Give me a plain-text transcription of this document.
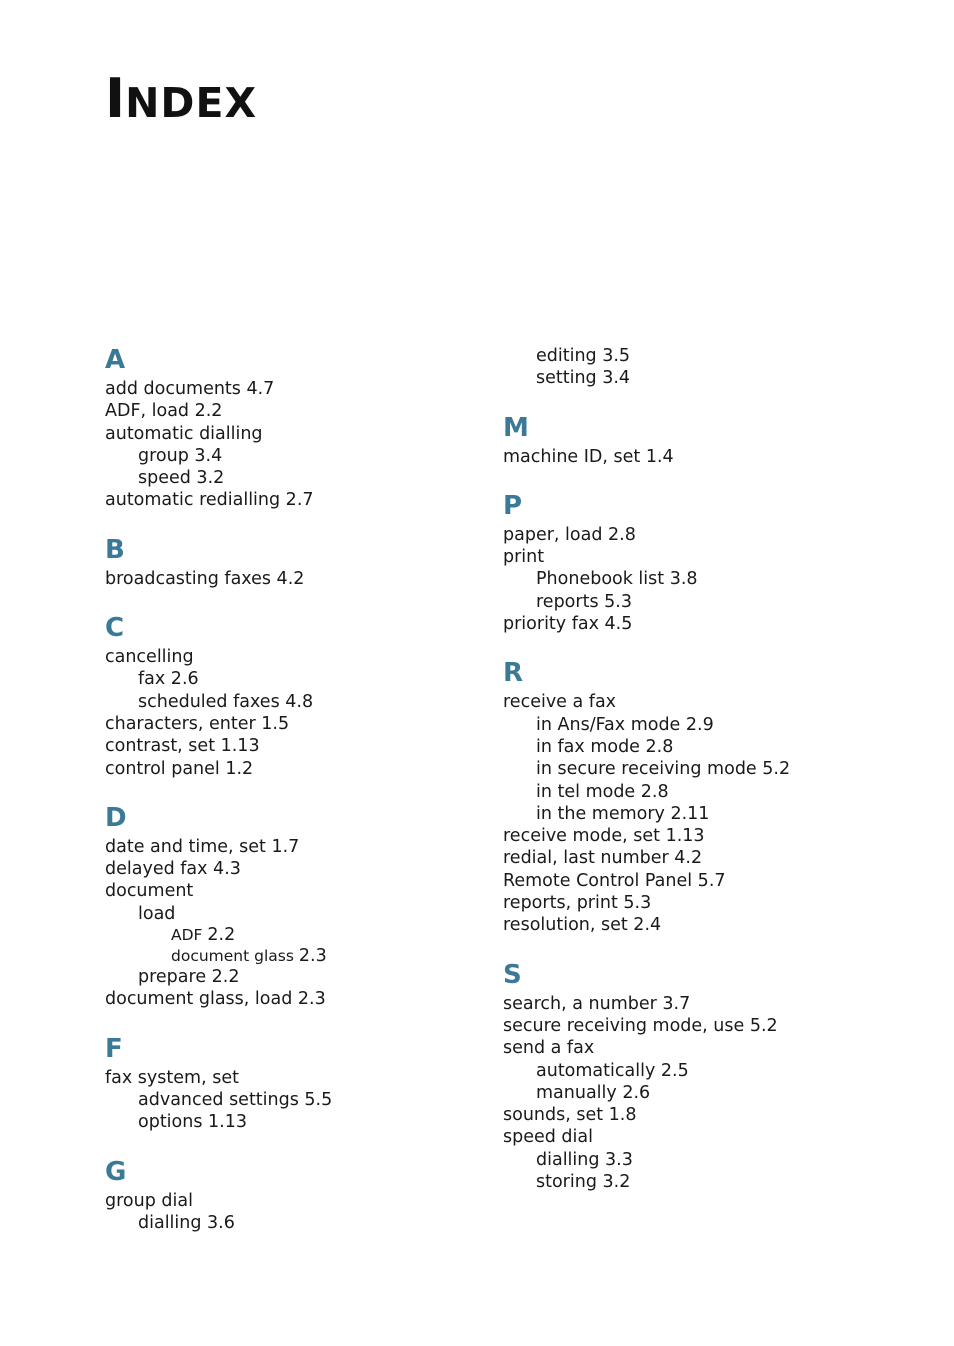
INDEX
A
add documents 4.7
ADF, load 2.2
automatic dialling
group 3.4
speed 3.2
automatic redialling 2.7
B
broadcasting faxes 4.2
C
cancelling
fax 2.6
scheduled faxes 4.8
characters, enter 1.5
contrast, set 1.13
control panel 1.2
D
date and time, set 1.7
delayed fax 4.3
document
load
ADF 2.2
document glass 2.3
prepare 2.2
document glass, load 2.3
F
fax system, set
advanced settings 5.5
options 1.13
G
group dial
dialling 3.6
editing 3.5
setting 3.4
M
machine ID, set 1.4
P
paper, load 2.8
print
Phonebook list 3.8
reports 5.3
priority fax 4.5
R
receive a fax
in Ans/Fax mode 2.9
in fax mode 2.8
in secure receiving mode 5.2
in tel mode 2.8
in the memory 2.11
receive mode, set 1.13
redial, last number 4.2
Remote Control Panel 5.7
reports, print 5.3
resolution, set 2.4
S
search, a number 3.7
secure receiving mode, use 5.2
send a fax
automatically 2.5
manually 2.6
sounds, set 1.8
speed dial
dialling 3.3
storing 3.2
